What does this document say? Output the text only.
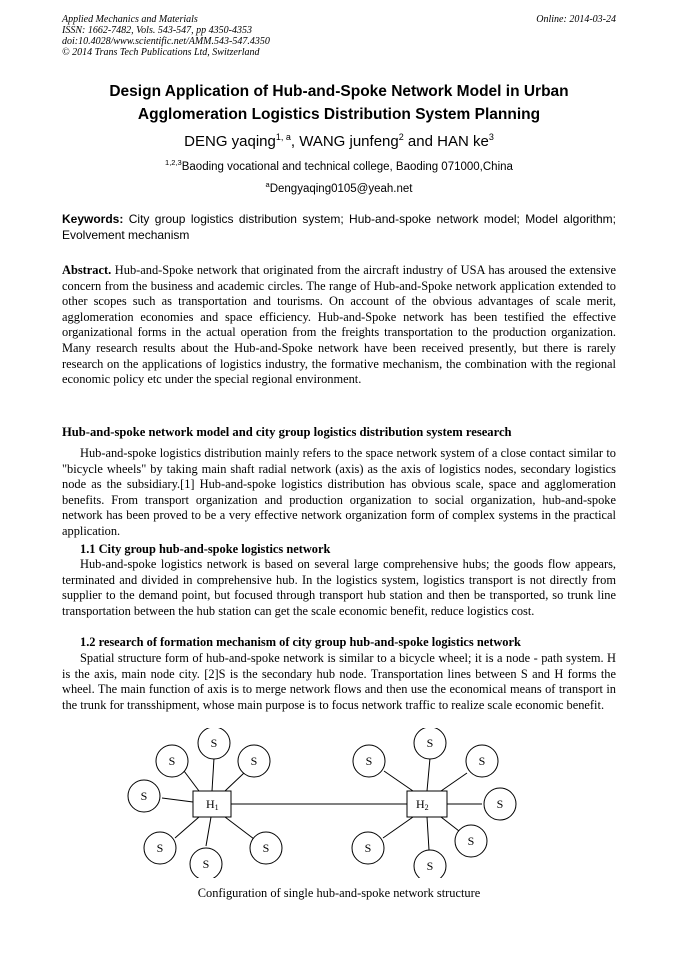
Applied Mechanics and Materials
ISSN: 1662-7482, Vols. 543-547, pp 4350-4353
doi:10.4028/www.scientific.net/AMM.543-547.4350
© 2014 Trans Tech Publications Ltd, Switzerland
Online: 2014-03-24
Design Application of Hub-and-Spoke Network Model in Urban
Agglomeration Logistics Distribution System Planning
DENG yaqing$^{1, a}$, WANG junfeng$^2$ and HAN $ke^3$
$^{1,2,3}$Baoding vocational and technical college, Baoding 071000,China
$^a$Dengyaqing0105@yeah.net
Keywords: City group logistics distribution system; Hub-and-spoke network model; Model algorithm; Evolvement mechanism
Abstract. Hub-and-Spoke network that originated from the aircraft industry of USA has aroused the extensive concern from the business and academic circles. The range of Hub-and-Spoke network application extended to other scopes such as transportation and tourisms. On account of the obvious advantages of scale merit, agglomeration economies and space efficiency. Hub-and-Spoke network has been testified the effective organizational forms in the actual operation from the freights transportation to the production organization. Many research results about the Hub-and-Spoke network have been received presently, but there is rarely research on the applications of logistics industry, the formative mechanism, the combination with the regional economic policy etc under the special regional environment.
Hub-and-spoke network model and city group logistics distribution system research
Hub-and-spoke logistics distribution mainly refers to the space network system of a close contact similar to "bicycle wheels" by taking main shaft radial network (axis) as the axis of logistics nodes, secondary logistics node as the subsidiary.[1] Hub-and-spoke logistics distribution has obvious scale, space and agglomeration benefits. From transport organization and production organization to social organization, hub-and-spoke network has been proved to be a very effective network organization form of complex systems in the practical application.
1.1 City group hub-and-spoke logistics network
Hub-and-spoke logistics network is based on several large comprehensive hubs; the goods flow appears, terminated and divided in comprehensive hub. In the logistics system, logistics transport is not directly from supplier to the demand point, but focused through transport hub station and then be transported, so trunk line transportation between the hub station can get the scale economic benefit, reduce logistics cost.
1.2 research of formation mechanism of city group hub-and-spoke logistics network
Spatial structure form of hub-and-spoke network is similar to a bicycle wheel; it is a node - path system. H is the axis, main node city. [2]S is the secondary hub node. Transportation lines between S and H forms the wheel. The main function of axis is to merge network flows and then use the economical means of transport in the trunk for transshipment, whose main purpose is to focus network traffic to realize scale economic benefit.
H1	H2
S
S	S
S
S
S
S
S
S	S
S
S
S
S
Configuration of single hub-and-spoke network structure
